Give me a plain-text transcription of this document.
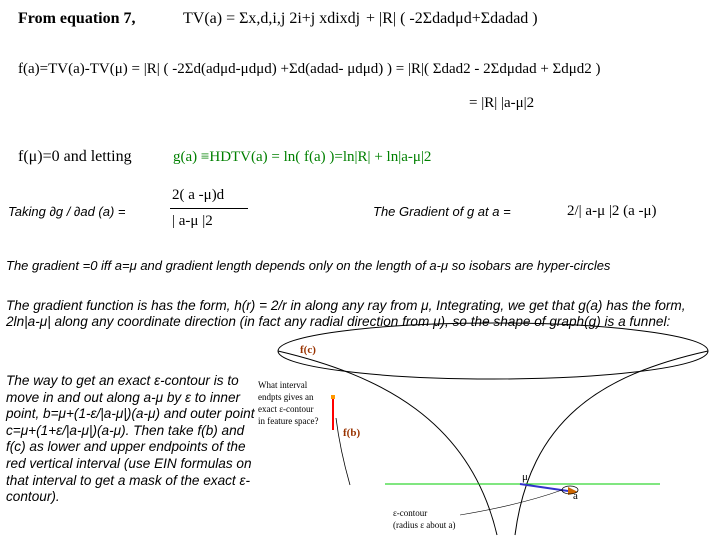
From equation 7,	TV(a) = Σx,d,i,j 2i+j xdixdj + |R| ( -2Σdadμd+Σdadad )
f(a)=TV(a)-TV(μ) = |R| ( -2Σd(adμd-μdμd) +Σd(adad- μdμd) ) = |R|( Σdad2 - 2Σdμdad + Σdμd2 )
= |R| |a-μ|2
f(μ)=0 and letting	g(a) ≡HDTV(a) = ln( f(a) )=ln|R| + ln|a-μ|2
Taking ∂g / ∂ad (a) =
2( a -μ)d
| a-μ |2
The Gradient of g at a =	2/| a-μ |2 (a -μ)
The gradient =0 iff a=μ and gradient length depends only on the length of a-μ so isobars are hyper-circles
The gradient function is has the form, h(r) = 2/r in along any ray from μ, Integrating, we get that g(a) has the form, 2ln|a-μ| along any coordinate direction (in fact any radial direction from μ), so the shape of graph(g) is a funnel:
The way to get an exact ε-contour is to move in and out along a-μ by ε to inner point, b=μ+(1-ε/|a-μ|)(a-μ) and outer point c=μ+(1+ε/|a-μ|)(a-μ). Then take f(b) and f(c) as lower and upper endpoints of the red vertical interval (use EIN formulas on that interval to get a mask of the exact ε-contour).
f(c)
f(b)
What interval
endpts gives an
exact ε-contour
in feature space?
μ
a
ε-contour
(radius ε about a)
